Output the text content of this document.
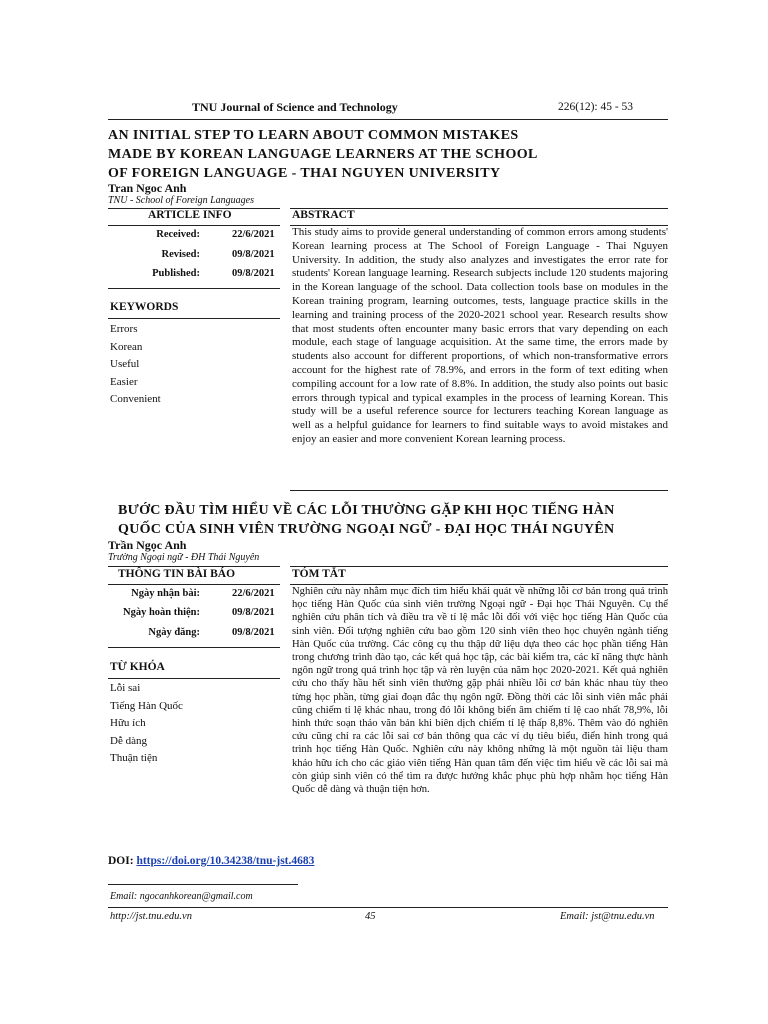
TNU Journal of Science and Technology	226(12): 45 - 53
AN INITIAL STEP TO LEARN ABOUT COMMON MISTAKES
MADE BY KOREAN LANGUAGE LEARNERS AT THE SCHOOL
OF FOREIGN LANGUAGE - THAI NGUYEN UNIVERSITY
Tran Ngoc Anh
TNU - School of Foreign Languages
ARTICLE INFO	ABSTRACT
Received:	22/6/2021
Revised:	09/8/2021
Published:	09/8/2021
KEYWORDS
Errors
Korean
Useful
Easier
Convenient
This study aims to provide general understanding of common errors among students' Korean learning process at The School of Foreign Language - Thai Nguyen University. In addition, the study also analyzes and investigates the error rate for students' Korean language learning. Research subjects include 120 students majoring in the Korean language of the school. Data collection tools base on modules in the Korean training program, learning outcomes, tests, language practice skills in the learning and training process of the 2020-2021 school year. Research results show that most students often encounter many basic errors that vary depending on each module, each stage of language acquisition. At the same time, the errors made by students also account for different proportions, of which non-transformative errors account for the highest rate of 78.9%, and errors in the form of text editing when compiling account for a low rate of 8.8%. In addition, the study also points out basic errors through typical and typical examples in the process of learning Korean. This study will be a useful reference source for lecturers teaching Korean language as well as a helpful guidance for learners to find suitable ways to avoid mistakes and enjoy an easier and more convenient Korean learning process.
BƯỚC ĐẦU TÌM HIỂU VỀ CÁC LỖI THƯỜNG GẶP KHI HỌC TIẾNG HÀN
QUỐC CỦA SINH VIÊN TRƯỜNG NGOẠI NGỮ - ĐẠI HỌC THÁI NGUYÊN
Trần Ngọc Anh
Trường Ngoại ngữ - ĐH Thái Nguyên
THÔNG TIN BÀI BÁO	TÓM TẮT
Ngày nhận bài:	22/6/2021
Ngày hoàn thiện:	09/8/2021
Ngày đăng:	09/8/2021
TỪ KHÓA
Lỗi sai
Tiếng Hàn Quốc
Hữu ích
Dễ dàng
Thuận tiện
Nghiên cứu này nhằm mục đích tìm hiểu khái quát về những lỗi cơ bản trong quá trình học tiếng Hàn Quốc của sinh viên trường Ngoại ngữ - Đại học Thái Nguyên. Cụ thể nghiên cứu phân tích và điều tra về tỉ lệ mắc lỗi đối với việc học tiếng Hàn Quốc của sinh viên. Đối tượng nghiên cứu bao gồm 120 sinh viên theo học chuyên ngành tiếng Hàn Quốc của trường. Các công cụ thu thập dữ liệu dựa theo các học phần tiếng Hàn trong chương trình đào tạo, các kết quả học tập, các bài kiểm tra, các kĩ năng thực hành ngôn ngữ trong quá trình học tập và rèn luyện của năm học 2020-2021. Kết quả nghiên cứu cho thấy hầu hết sinh viên thường gặp phải nhiều lỗi cơ bản khác nhau tùy theo từng học phần, từng giai đoạn đắc thụ ngôn ngữ. Đồng thời các lỗi sinh viên mắc phải cũng chiếm tỉ lệ khác nhau, trong đó lỗi không biến âm chiếm tỉ lệ cao nhất 78,9%, lỗi hình thức soạn thảo văn bản khi biên dịch chiếm tỉ lệ thấp 8,8%. Thêm vào đó nghiên cứu cũng chỉ ra các lỗi sai cơ bản thông qua các ví dụ tiêu biểu, điển hình trong quá trình học tiếng Hàn Quốc. Nghiên cứu này không những là một nguồn tài liệu tham khảo hữu ích cho các giáo viên tiếng Hàn quan tâm đến việc tìm hiểu về các lỗi sai mà còn giúp sinh viên có thể tìm ra được hướng khắc phục phù hợp nhằm học tiếng Hàn Quốc dễ dàng và thuận tiện hơn.
DOI: https://doi.org/10.34238/tnu-jst.4683
Email: ngocanhkorean@gmail.com
http://jst.tnu.edu.vn	45	Email: jst@tnu.edu.vn
